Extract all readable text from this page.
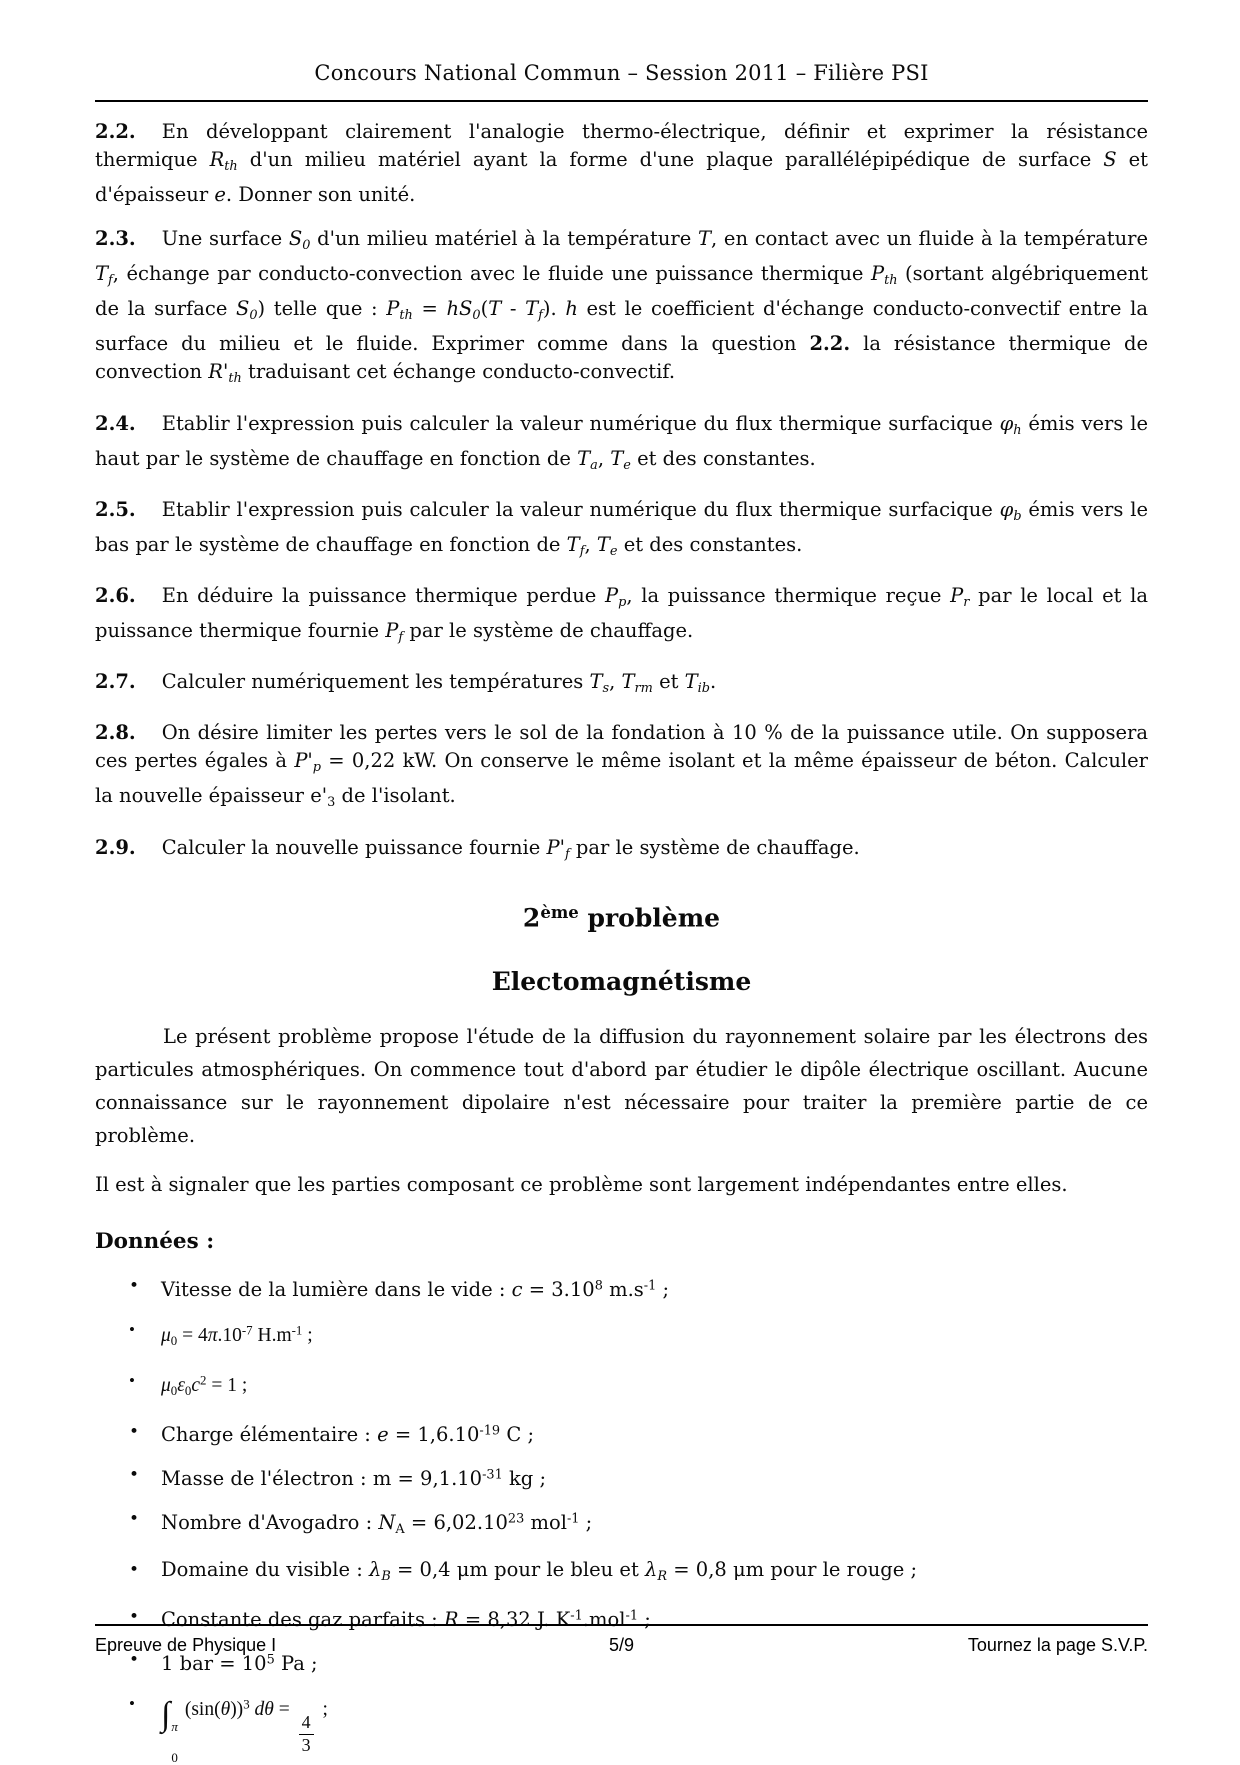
Concours National Commun – Session 2011 – Filière PSI

2.2. En développant clairement l'analogie thermo-électrique, définir et exprimer la résistance thermique $R_{th}$ d'un milieu matériel ayant la forme d'une plaque parallélépipédique de surface S et d'épaisseur e. Donner son unité.

2.3. Une surface $S_0$ d'un milieu matériel à la température T, en contact avec un fluide à la température $T_f$, échange par conducto-convection avec le fluide une puissance thermique $P_{th}$ (sortant algébriquement de la surface $S_0$) telle que : $P_{th} = hS_0(T - T_f)$. h est le coefficient d'échange conducto-convectif entre la surface du milieu et le fluide. Exprimer comme dans la question 2.2. la résistance thermique de convection $R'_{th}$ traduisant cet échange conducto-convectif.

2.4. Etablir l'expression puis calculer la valeur numérique du flux thermique surfacique $\varphi_h$ émis vers le haut par le système de chauffage en fonction de $T_a$, $T_e$ et des constantes.

2.5. Etablir l'expression puis calculer la valeur numérique du flux thermique surfacique $\varphi_b$ émis vers le bas par le système de chauffage en fonction de $T_f$, $T_e$ et des constantes.

2.6. En déduire la puissance thermique perdue $P_p$, la puissance thermique reçue $P_r$ par le local et la puissance thermique fournie $P_f$ par le système de chauffage.

2.7. Calculer numériquement les températures $T_s$, $T_{rm}$ et $T_{ib}$.

2.8. On désire limiter les pertes vers le sol de la fondation à 10 % de la puissance utile. On supposera ces pertes égales à $P'_p = 0,22$ kW. On conserve le même isolant et la même épaisseur de béton. Calculer la nouvelle épaisseur $e'_3$ de l'isolant.

2.9. Calculer la nouvelle puissance fournie $P'_f$ par le système de chauffage.

2ème problème
Electomagnétisme

Le présent problème propose l'étude de la diffusion du rayonnement solaire par les électrons des particules atmosphériques. On commence tout d'abord par étudier le dipôle électrique oscillant. Aucune connaissance sur le rayonnement dipolaire n'est nécessaire pour traiter la première partie de ce problème.

Il est à signaler que les parties composant ce problème sont largement indépendantes entre elles.

Données :
• Vitesse de la lumière dans le vide : $c = 3.10^8$ $m.s^{-1}$ ;
• $\mu_0 = 4\pi.10^{-7}$ $H.m^{-1}$ ;
• $\mu_0\varepsilon_0c^2 = 1$ ;
• Charge élémentaire : $e = 1,6.10^{-19}$ C ;
• Masse de l'électron : $m = 9,1.10^{-31}$ kg ;
• Nombre d'Avogadro : $N_A = 6,02.10^{23}$ mol$^{-1}$ ;
• Domaine du visible : $\lambda_B = 0,4$ μm pour le bleu et $\lambda_R = 0,8$ μm pour le rouge ;
• Constante des gaz parfaits : R = 8,32 J. $K^{-1}.mol^{-1}$ ;
• 1 bar = $10^5$ Pa ;
• ∫ π
0
$(\sin(\theta))^3$ dθ =
$\frac{4}{3}$
;
Epreuve de Physique I	5/9	Tournez la page S.V.P.
